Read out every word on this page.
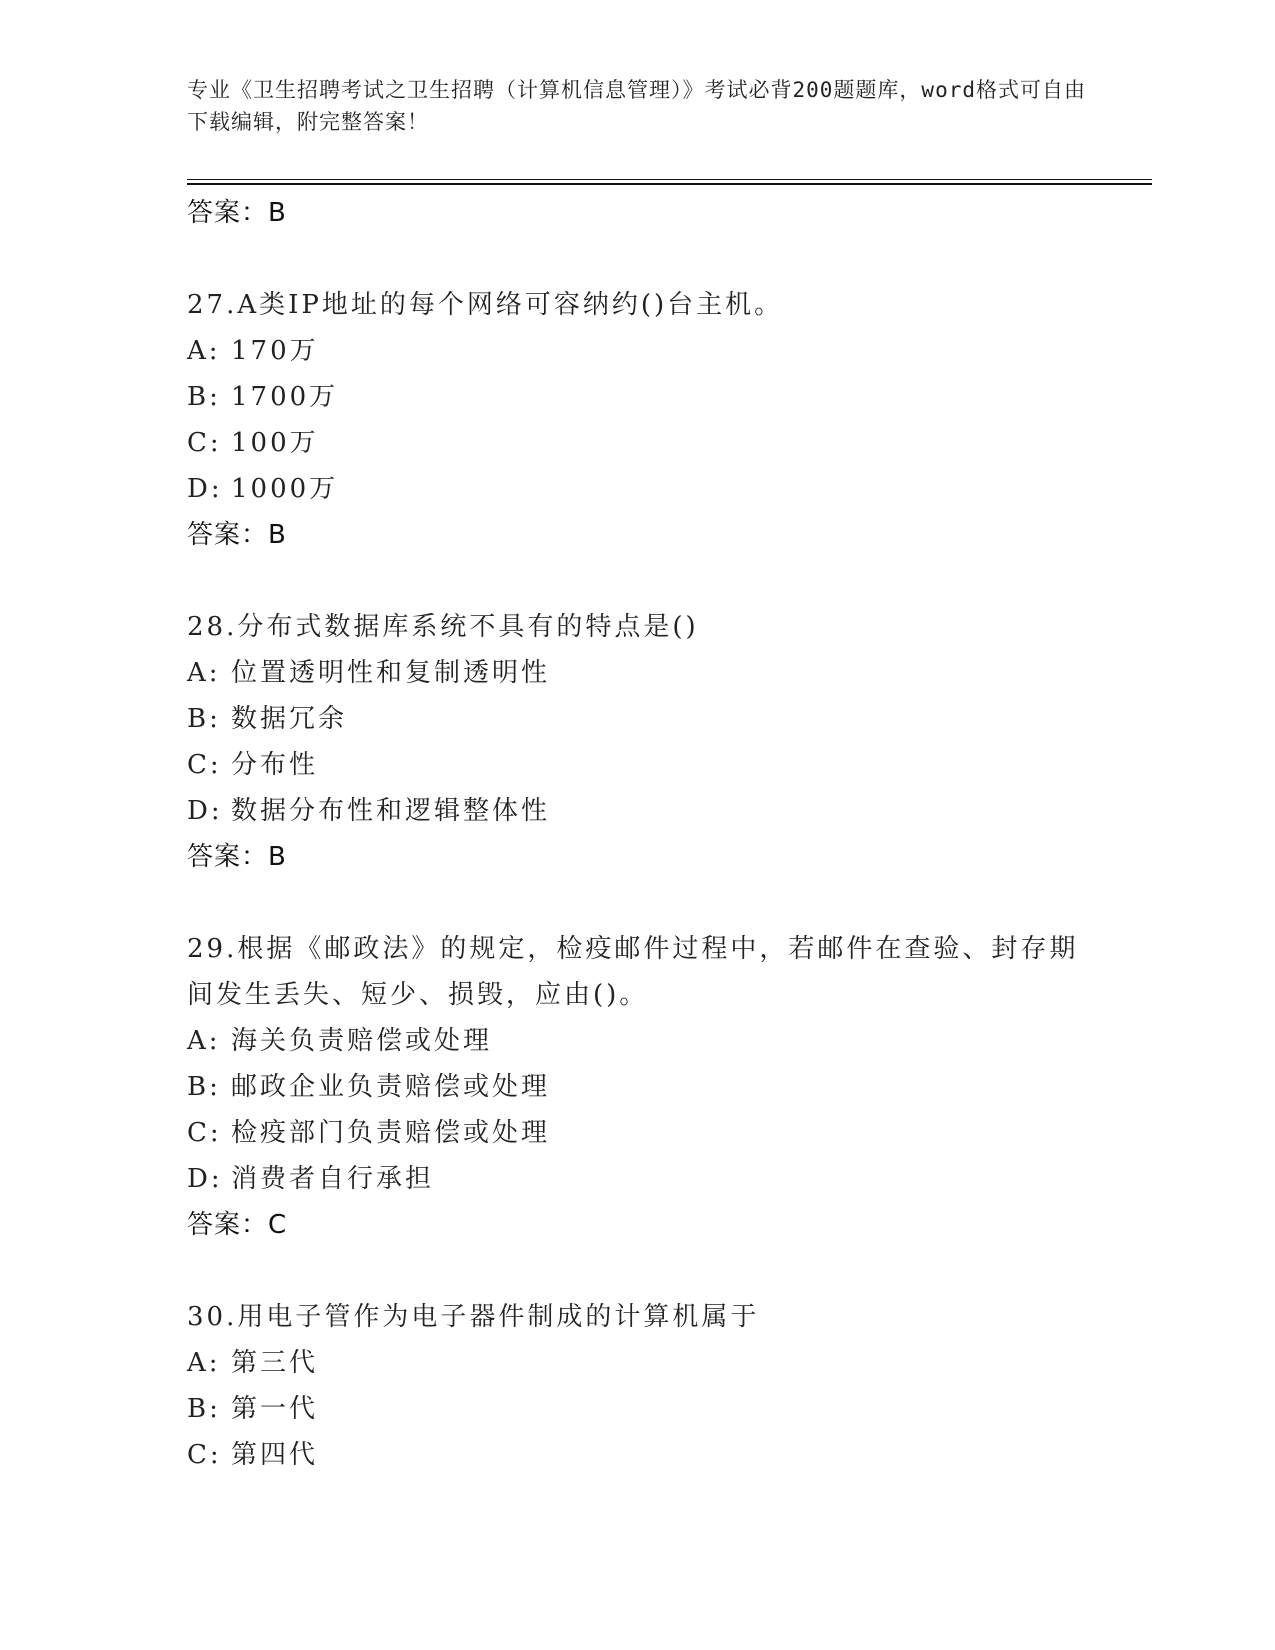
专业《卫生招聘考试之卫生招聘（计算机信息管理）》考试必背200题题库，word格式可自由下载编辑，附完整答案！
答案：B
27.A类IP地址的每个网络可容纳约()台主机。
A: 170万
B: 1700万
C: 100万
D: 1000万
答案：B
28.分布式数据库系统不具有的特点是()
A: 位置透明性和复制透明性
B: 数据冗余
C: 分布性
D: 数据分布性和逻辑整体性
答案：B
29.根据《邮政法》的规定，检疫邮件过程中，若邮件在查验、封存期间发生丢失、短少、损毁，应由()。
A: 海关负责赔偿或处理
B: 邮政企业负责赔偿或处理
C: 检疫部门负责赔偿或处理
D: 消费者自行承担
答案：C
30.用电子管作为电子器件制成的计算机属于
A: 第三代
B: 第一代
C: 第四代
